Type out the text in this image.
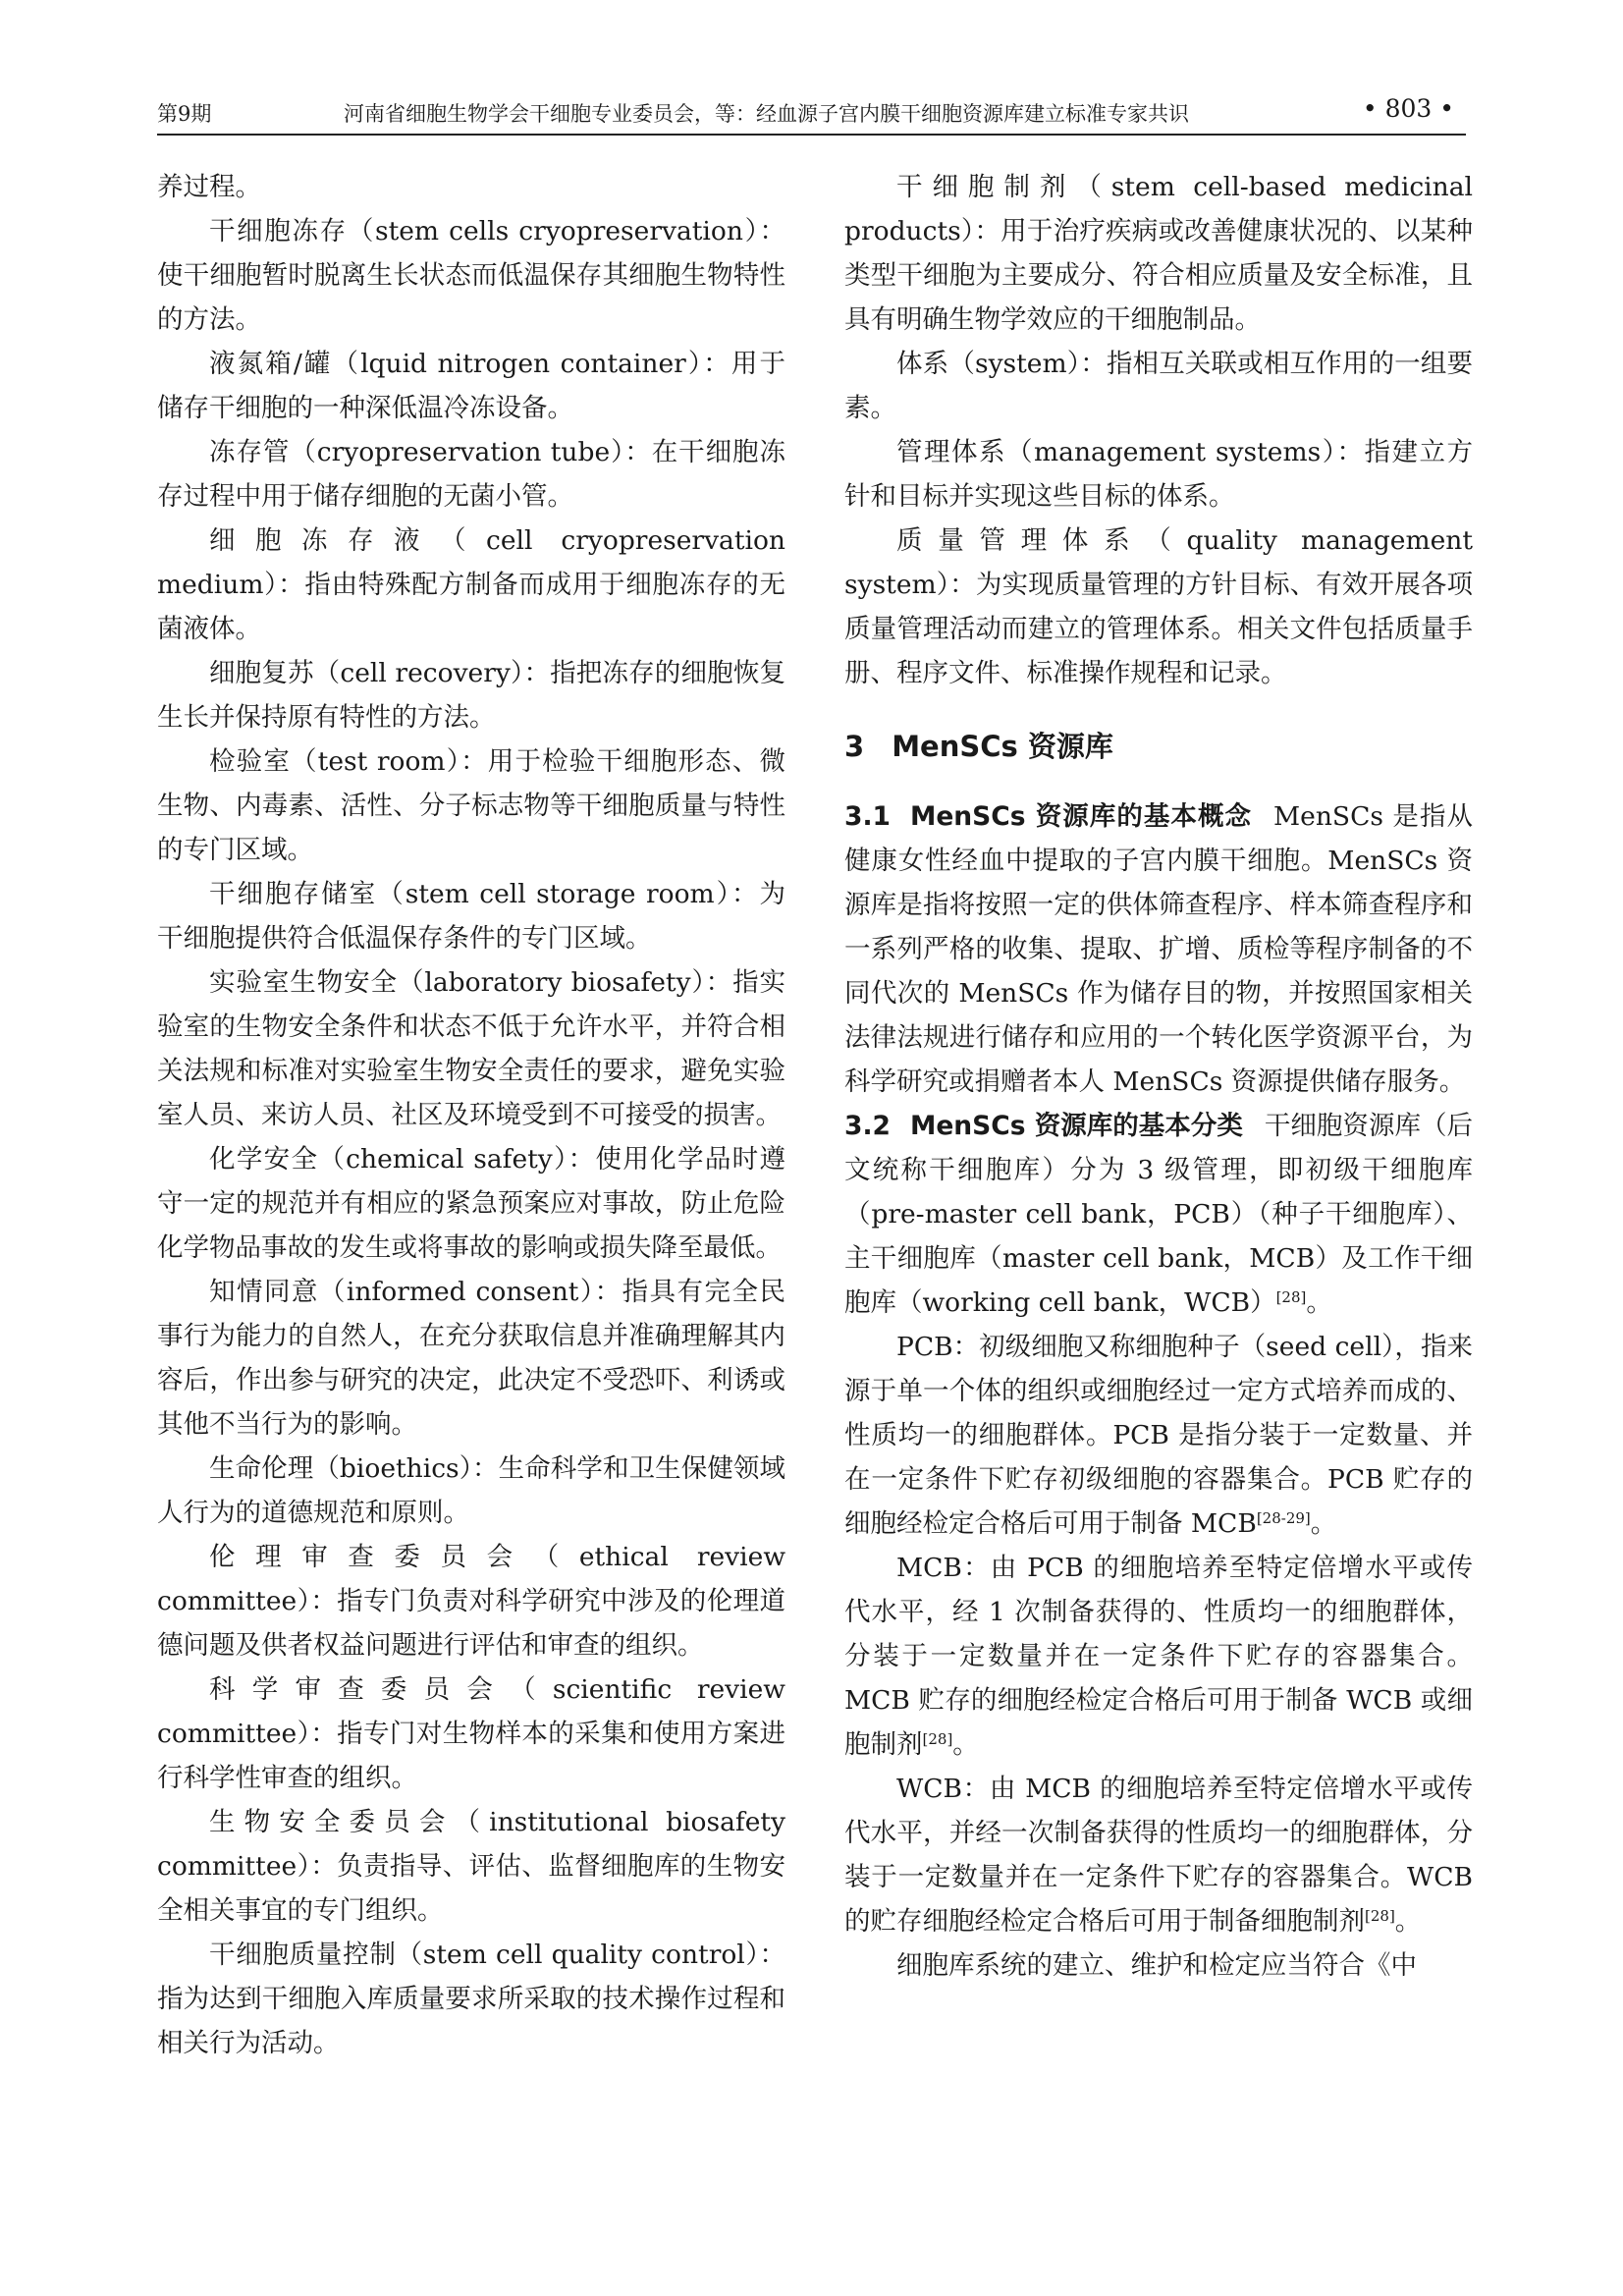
第9期	河南省细胞生物学会干细胞专业委员会，等：经血源子宫内膜干细胞资源库建立标准专家共识	• 803 •

养过程。

干细胞冻存（stem cells cryopreservation）：使干细胞暂时脱离生长状态而低温保存其细胞生物特性的方法。

液氮箱/罐（lquid nitrogen container）：用于储存干细胞的一种深低温冷冻设备。

冻存管（cryopreservation tube）：在干细胞冻存过程中用于储存细胞的无菌小管。

细胞冻存液（cell cryopreservation medium）：指由特殊配方制备而成用于细胞冻存的无菌液体。

细胞复苏（cell recovery）：指把冻存的细胞恢复生长并保持原有特性的方法。

检验室（test room）：用于检验干细胞形态、微生物、内毒素、活性、分子标志物等干细胞质量与特性的专门区域。

干细胞存储室（stem cell storage room）：为干细胞提供符合低温保存条件的专门区域。

实验室生物安全（laboratory biosafety）：指实验室的生物安全条件和状态不低于允许水平，并符合相关法规和标准对实验室生物安全责任的要求，避免实验室人员、来访人员、社区及环境受到不可接受的损害。

化学安全（chemical safety）：使用化学品时遵守一定的规范并有相应的紧急预案应对事故，防止危险化学物品事故的发生或将事故的影响或损失降至最低。

知情同意（informed consent）：指具有完全民事行为能力的自然人，在充分获取信息并准确理解其内容后，作出参与研究的决定，此决定不受恐吓、利诱或其他不当行为的影响。

生命伦理（bioethics）：生命科学和卫生保健领域人行为的道德规范和原则。

伦理审查委员会（ethical review committee）：指专门负责对科学研究中涉及的伦理道德问题及供者权益问题进行评估和审查的组织。

科学审查委员会（scientific review committee）：指专门对生物样本的采集和使用方案进行科学性审查的组织。

生物安全委员会（institutional biosafety committee）：负责指导、评估、监督细胞库的生物安全相关事宜的专门组织。

干细胞质量控制（stem cell quality control）：指为达到干细胞入库质量要求所采取的技术操作过程和相关行为活动。

干细胞制剂（stem cell-based medicinal products）：用于治疗疾病或改善健康状况的、以某种类型干细胞为主要成分、符合相应质量及安全标准，且具有明确生物学效应的干细胞制品。

体系（system）：指相互关联或相互作用的一组要素。

管理体系（management systems）：指建立方针和目标并实现这些目标的体系。

质量管理体系（quality management system）：为实现质量管理的方针目标、有效开展各项质量管理活动而建立的管理体系。相关文件包括质量手册、程序文件、标准操作规程和记录。

3 MenSCs 资源库

3.1 MenSCs 资源库的基本概念 MenSCs 是指从健康女性经血中提取的子宫内膜干细胞。MenSCs 资源库是指将按照一定的供体筛查程序、样本筛查程序和一系列严格的收集、提取、扩增、质检等程序制备的不同代次的 MenSCs 作为储存目的物，并按照国家相关法律法规进行储存和应用的一个转化医学资源平台，为科学研究或捐赠者本人 MenSCs 资源提供储存服务。

3.2 MenSCs 资源库的基本分类 干细胞资源库（后文统称干细胞库）分为 3 级管理，即初级干细胞库（pre-master cell bank，PCB）（种子干细胞库）、主干细胞库（master cell bank，MCB）及工作干细胞库（working cell bank，WCB）[28]。

PCB：初级细胞又称细胞种子（seed cell），指来源于单一个体的组织或细胞经过一定方式培养而成的、性质均一的细胞群体。PCB 是指分装于一定数量、并在一定条件下贮存初级细胞的容器集合。PCB 贮存的细胞经检定合格后可用于制备 MCB[28-29]。

MCB：由 PCB 的细胞培养至特定倍增水平或传代水平，经 1 次制备获得的、性质均一的细胞群体，分装于一定数量并在一定条件下贮存的容器集合。MCB 贮存的细胞经检定合格后可用于制备 WCB 或细胞制剂[28]。

WCB：由 MCB 的细胞培养至特定倍增水平或传代水平，并经一次制备获得的性质均一的细胞群体，分装于一定数量并在一定条件下贮存的容器集合。WCB 的贮存细胞经检定合格后可用于制备细胞制剂[28]。

细胞库系统的建立、维护和检定应当符合《中
